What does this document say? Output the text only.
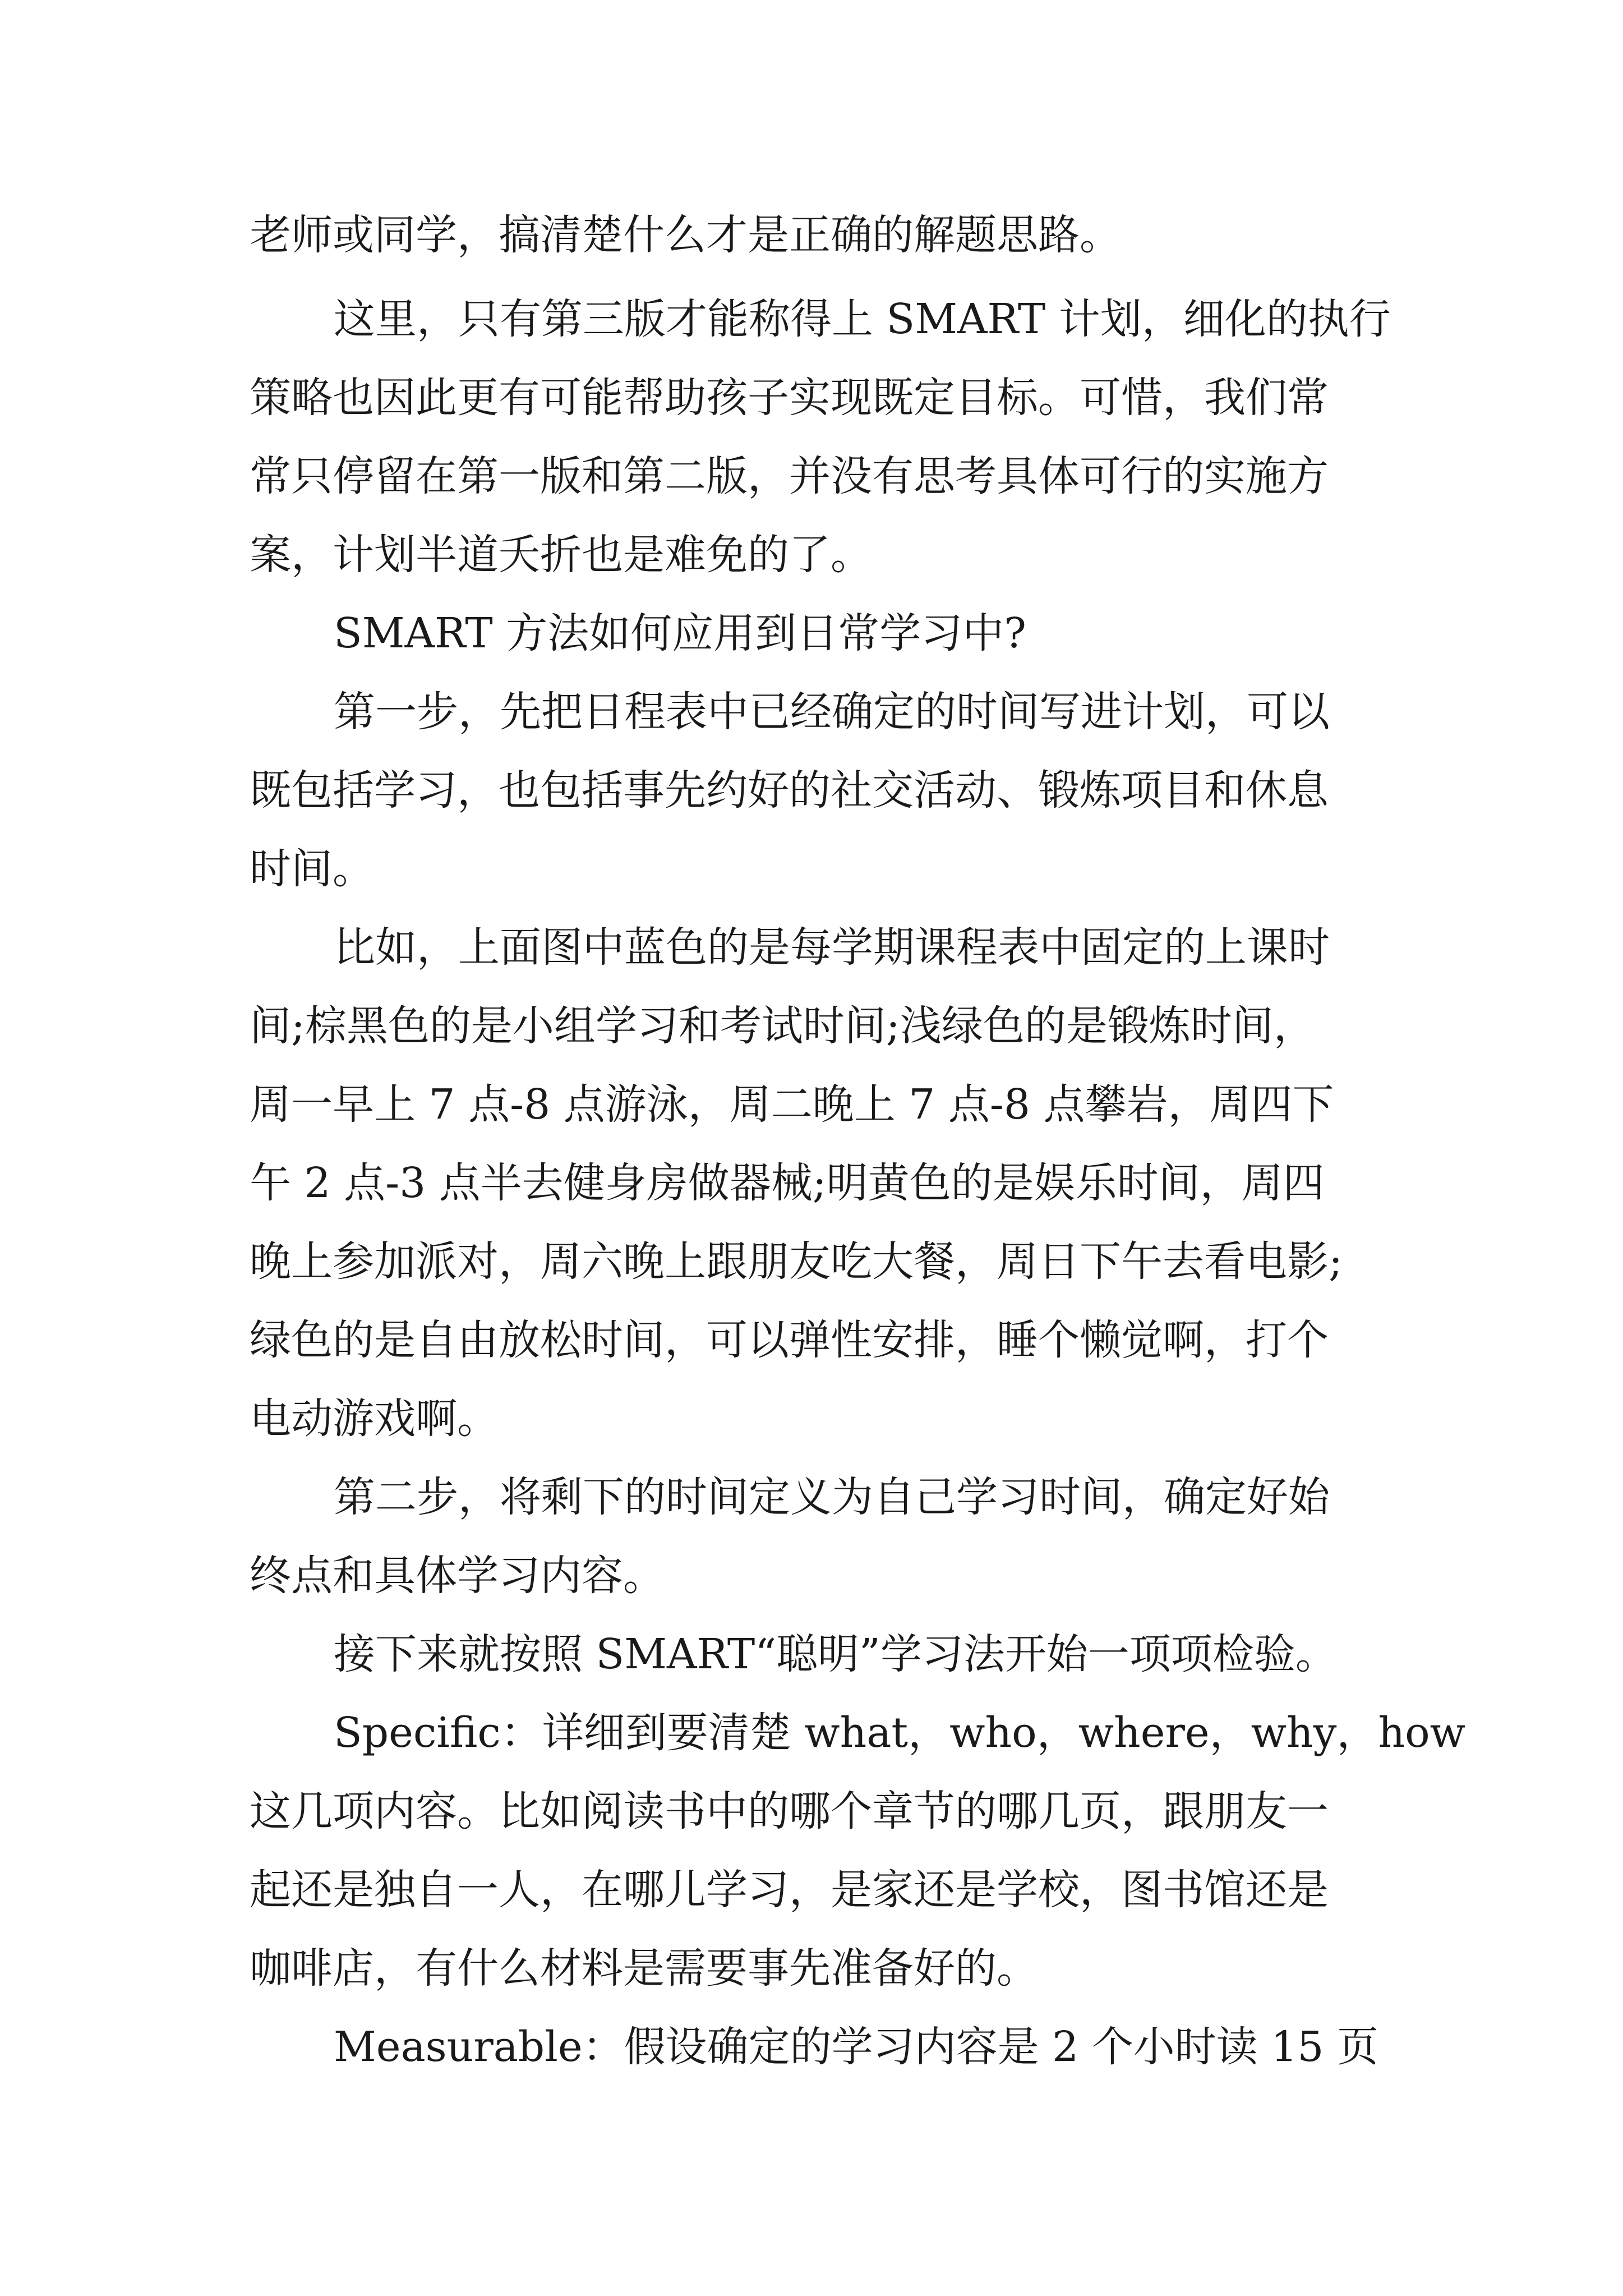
老师或同学，搞清楚什么才是正确的解题思路。

这里，只有第三版才能称得上 SMART 计划，细化的执行

策略也因此更有可能帮助孩子实现既定目标。可惜，我们常

常只停留在第一版和第二版，并没有思考具体可行的实施方

案，计划半道夭折也是难免的了。

SMART 方法如何应用到日常学习中?

第一步，先把日程表中已经确定的时间写进计划，可以

既包括学习，也包括事先约好的社交活动、锻炼项目和休息

时间。

比如，上面图中蓝色的是每学期课程表中固定的上课时

间;棕黑色的是小组学习和考试时间;浅绿色的是锻炼时间，

周一早上 7 点-8 点游泳，周二晚上 7 点-8 点攀岩，周四下

午 2 点-3 点半去健身房做器械;明黄色的是娱乐时间，周四

晚上参加派对，周六晚上跟朋友吃大餐，周日下午去看电影;

绿色的是自由放松时间，可以弹性安排，睡个懒觉啊，打个

电动游戏啊。

第二步，将剩下的时间定义为自己学习时间，确定好始

终点和具体学习内容。

接下来就按照 SMART“聪明”学习法开始一项项检验。

Specific：详细到要清楚 what，who，where，why，how

这几项内容。比如阅读书中的哪个章节的哪几页，跟朋友一

起还是独自一人，在哪儿学习，是家还是学校，图书馆还是

咖啡店，有什么材料是需要事先准备好的。

Measurable：假设确定的学习内容是 2 个小时读 15 页
